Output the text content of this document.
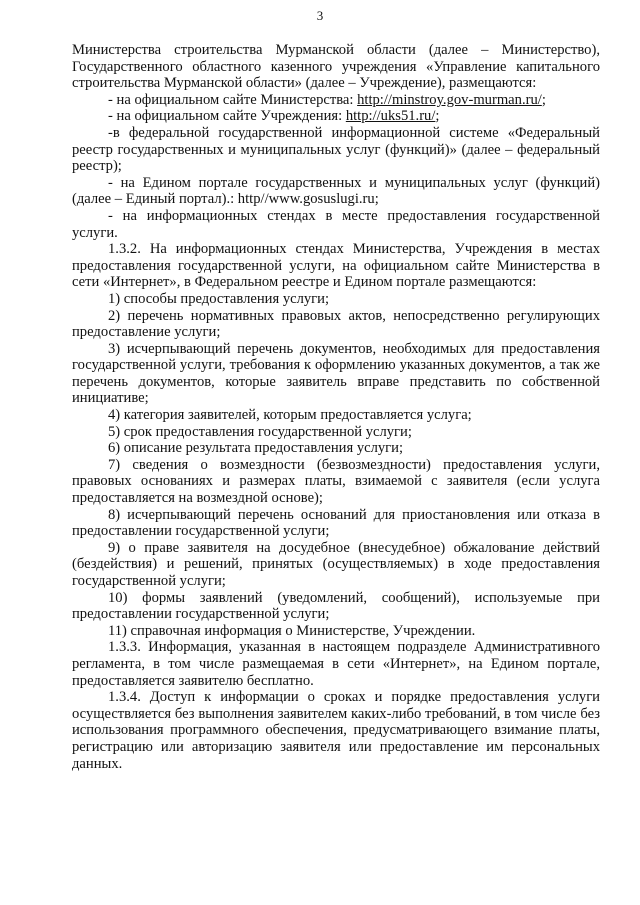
3

Министерства строительства Мурманской области (далее – Министерство), Государственного областного казенного учреждения «Управление капитального строительства Мурманской области» (далее – Учреждение), размещаются:

- на официальном сайте Министерства: http://minstroy.gov-murman.ru/;

- на официальном сайте Учреждения: http://uks51.ru/;

-в федеральной государственной информационной системе «Федеральный реестр государственных и муниципальных услуг (функций)» (далее – федеральный реестр);

- на Едином портале государственных и муниципальных услуг (функций) (далее – Единый портал).: http//www.gosuslugi.ru;

- на информационных стендах в месте предоставления государственной услуги.

1.3.2. На информационных стендах Министерства, Учреждения в местах предоставления государственной услуги, на официальном сайте Министерства в сети «Интернет», в Федеральном реестре и Едином портале размещаются:

1) способы предоставления услуги;

2) перечень нормативных правовых актов, непосредственно регулирующих предоставление услуги;

3) исчерпывающий перечень документов, необходимых для предоставления государственной услуги, требования к оформлению указанных документов, а так же перечень документов, которые заявитель вправе представить по собственной инициативе;

4) категория заявителей, которым предоставляется услуга;

5) срок предоставления государственной услуги;

6) описание результата предоставления услуги;

7) сведения о возмездности (безвозмездности) предоставления услуги, правовых основаниях и размерах платы, взимаемой с заявителя (если услуга предоставляется на возмездной основе);

8) исчерпывающий перечень оснований для приостановления или отказа в предоставлении государственной услуги;

9) о праве заявителя на досудебное (внесудебное) обжалование действий (бездействия) и решений, принятых (осуществляемых) в ходе предоставления государственной услуги;

10) формы заявлений (уведомлений, сообщений), используемые при предоставлении государственной услуги;

11) справочная информация о Министерстве, Учреждении.

1.3.3. Информация, указанная в настоящем подразделе Административного регламента, в том числе размещаемая в сети «Интернет», на Едином портале, предоставляется заявителю бесплатно.

1.3.4. Доступ к информации о сроках и порядке предоставления услуги осуществляется без выполнения заявителем каких-либо требований, в том числе без использования программного обеспечения, предусматривающего взимание платы, регистрацию или авторизацию заявителя или предоставление им персональных данных.
